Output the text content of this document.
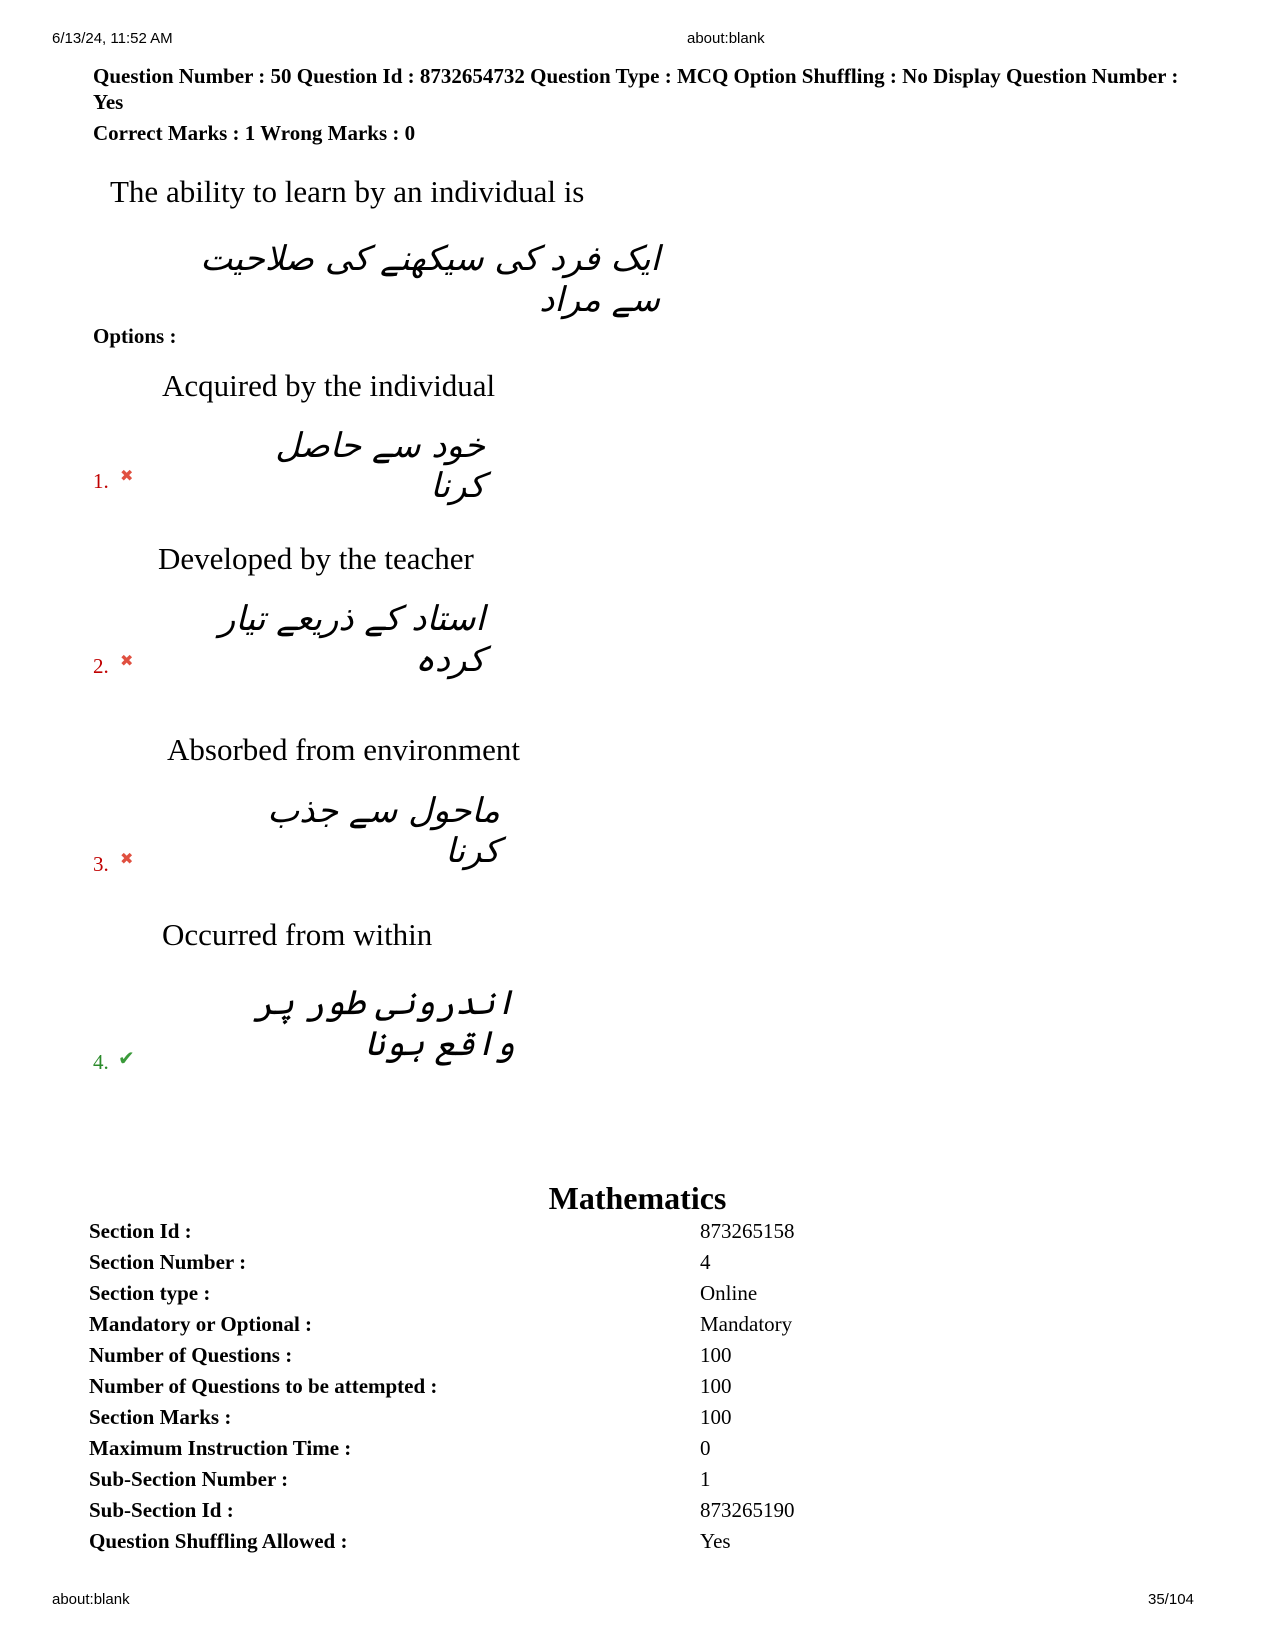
6/13/24, 11:52 AM	about:blank
Question Number : 50 Question Id : 8732654732 Question Type : MCQ Option Shuffling : No Display Question Number : Yes
Correct Marks : 1 Wrong Marks : 0
The ability to learn by an individual is
ایک فرد کی سیکھنے کی صلاحیت سے مراد
Options :
Acquired by the individual
خود سے حاصل کرنا
1. ✖
Developed by the teacher
استاد کے ذریعے تیار کردہ
2. ✖
Absorbed from environment
ماحول سے جذب کرنا
3. ✖
Occurred from within
اندرونی طور پر واقع ہونا
4. ✔
Mathematics
Section Id :	873265158
Section Number :	4
Section type :	Online
Mandatory or Optional :	Mandatory
Number of Questions :	100
Number of Questions to be attempted :	100
Section Marks :	100
Maximum Instruction Time :	0
Sub-Section Number :	1
Sub-Section Id :	873265190
Question Shuffling Allowed :	Yes
about:blank	35/104
